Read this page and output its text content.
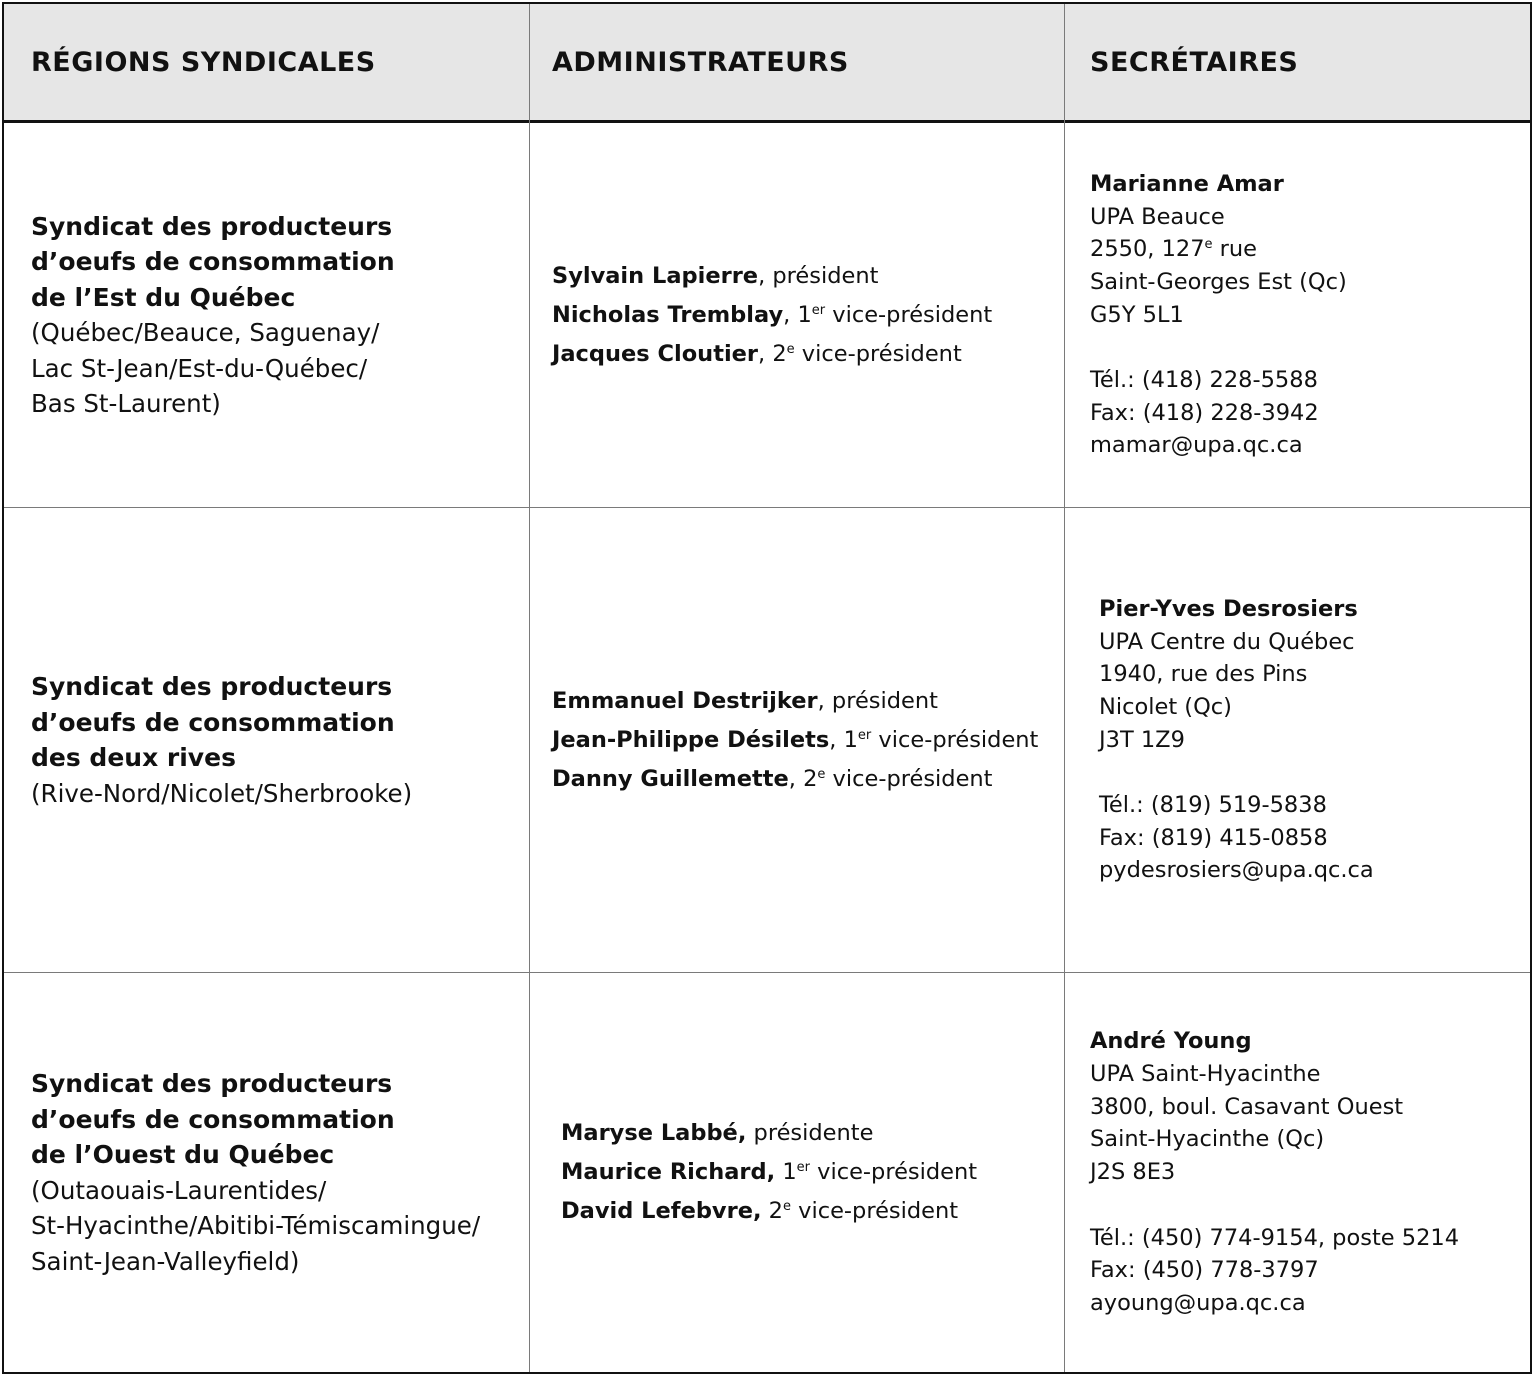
RÉGIONS SYNDICALES	ADMINISTRATEURS	SECRÉTAIRES
Syndicat des producteurs
d’oeufs de consommation
de l’Est du Québec
(Québec/Beauce, Saguenay/
Lac St-Jean/Est-du-Québec/
Bas St-Laurent)
Sylvain Lapierre, président
Nicholas Tremblay, 1er vice-président
Jacques Cloutier, 2e vice-président
Marianne Amar
UPA Beauce
2550, 127e rue
Saint-Georges Est (Qc)
G5Y 5L1
Tél.: (418) 228-5588
Fax: (418) 228-3942
mamar@upa.qc.ca
Syndicat des producteurs
d’oeufs de consommation
des deux rives
(Rive-Nord/Nicolet/Sherbrooke)
Emmanuel Destrijker, président
Jean-Philippe Désilets, 1er vice-président
Danny Guillemette, 2e vice-président
Pier-Yves Desrosiers
UPA Centre du Québec
1940, rue des Pins
Nicolet (Qc)
J3T 1Z9
Tél.: (819) 519-5838
Fax: (819) 415-0858
pydesrosiers@upa.qc.ca
Syndicat des producteurs
d’oeufs de consommation
de l’Ouest du Québec
(Outaouais-Laurentides/
St-Hyacinthe/Abitibi-Témiscamingue/
Saint-Jean-Valleyfield)
Maryse Labbé, présidente
Maurice Richard, 1er vice-président
David Lefebvre, 2e vice-président
André Young
UPA Saint-Hyacinthe
3800, boul. Casavant Ouest
Saint-Hyacinthe (Qc)
J2S 8E3
Tél.: (450) 774-9154, poste 5214
Fax: (450) 778-3797
ayoung@upa.qc.ca
